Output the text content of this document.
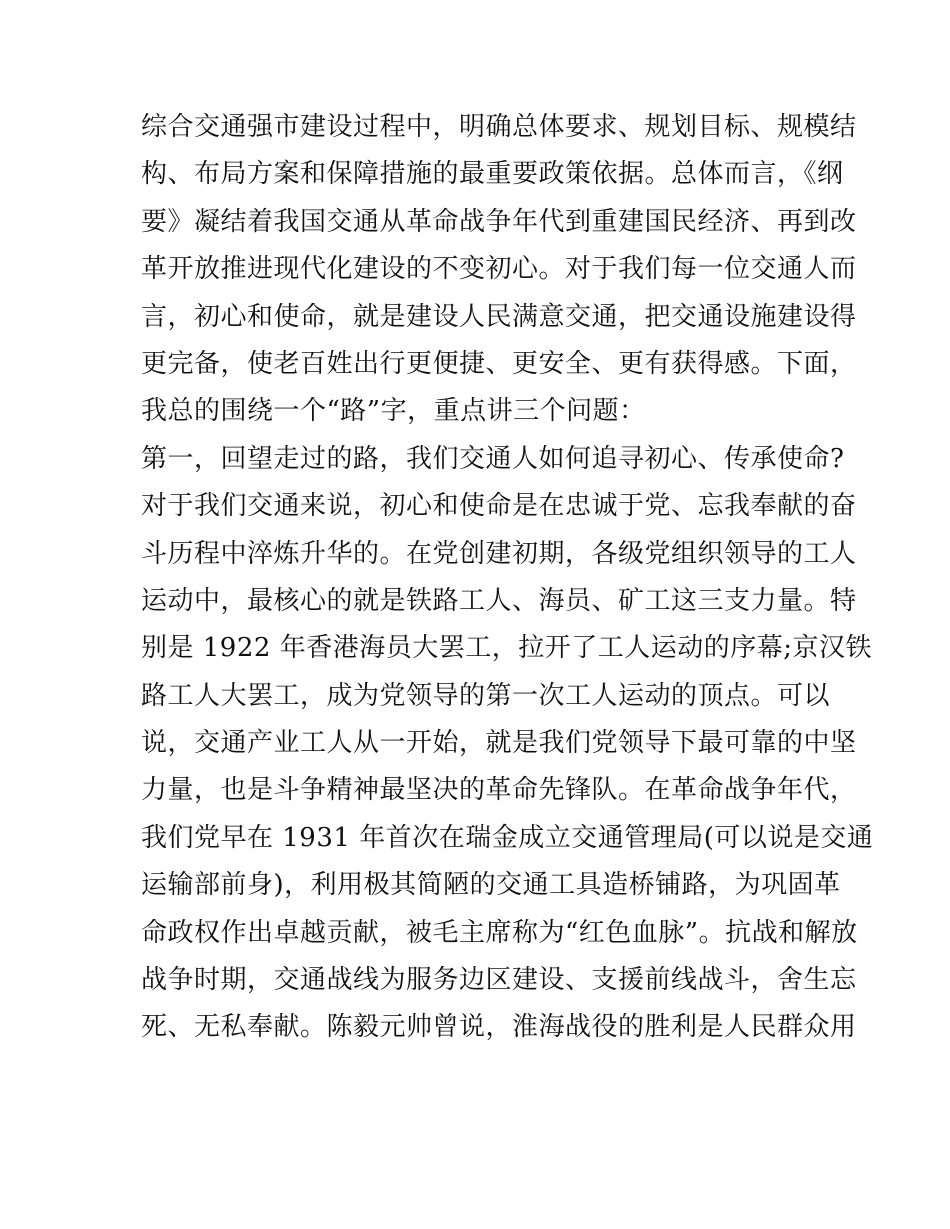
综合交通强市建设过程中，明确总体要求、规划目标、规模结
构、布局方案和保障措施的最重要政策依据。总体而言，《纲
要》凝结着我国交通从革命战争年代到重建国民经济、再到改
革开放推进现代化建设的不变初心。对于我们每一位交通人而
言，初心和使命，就是建设人民满意交通，把交通设施建设得
更完备，使老百姓出行更便捷、更安全、更有获得感。下面，
我总的围绕一个“路”字，重点讲三个问题：
第一，回望走过的路，我们交通人如何追寻初心、传承使命?
对于我们交通来说，初心和使命是在忠诚于党、忘我奉献的奋
斗历程中淬炼升华的。在党创建初期，各级党组织领导的工人
运动中，最核心的就是铁路工人、海员、矿工这三支力量。特
别是 1922 年香港海员大罢工，拉开了工人运动的序幕;京汉铁
路工人大罢工，成为党领导的第一次工人运动的顶点。可以
说，交通产业工人从一开始，就是我们党领导下最可靠的中坚
力量，也是斗争精神最坚决的革命先锋队。在革命战争年代，
我们党早在 1931 年首次在瑞金成立交通管理局(可以说是交通
运输部前身)，利用极其简陋的交通工具造桥铺路，为巩固革
命政权作出卓越贡献，被毛主席称为“红色血脉”。抗战和解放
战争时期，交通战线为服务边区建设、支援前线战斗，舍生忘
死、无私奉献。陈毅元帅曾说，淮海战役的胜利是人民群众用
